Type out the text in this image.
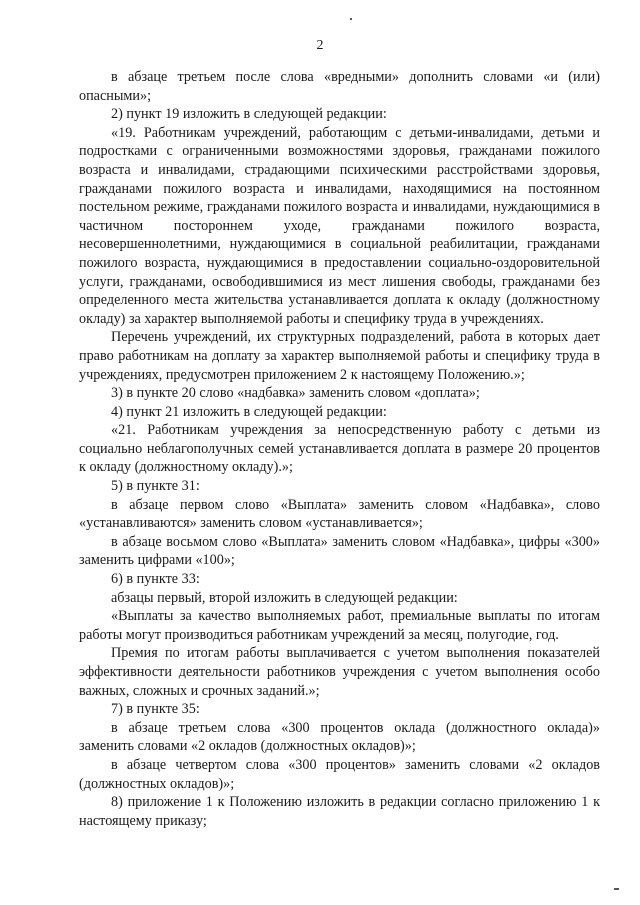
2

в абзаце третьем после слова «вредными» дополнить словами «и (или) опасными»;

2) пункт 19 изложить в следующей редакции:

«19. Работникам учреждений, работающим с детьми-инвалидами, детьми и подростками с ограниченными возможностями здоровья, гражданами пожилого возраста и инвалидами, страдающими психическими расстройствами здоровья, гражданами пожилого возраста и инвалидами, находящимися на постоянном постельном режиме, гражданами пожилого возраста и инвалидами, нуждающимися в частичном постороннем уходе, гражданами пожилого возраста, несовершеннолетними, нуждающимися в социальной реабилитации, гражданами пожилого возраста, нуждающимися в предоставлении социально-оздоровительной услуги, гражданами, освободившимися из мест лишения свободы, гражданами без определенного места жительства устанавливается доплата к окладу (должностному окладу) за характер выполняемой работы и специфику труда в учреждениях.

Перечень учреждений, их структурных подразделений, работа в которых дает право работникам на доплату за характер выполняемой работы и специфику труда в учреждениях, предусмотрен приложением 2 к настоящему Положению.»;

3) в пункте 20 слово «надбавка» заменить словом «доплата»;

4) пункт 21 изложить в следующей редакции:

«21. Работникам учреждения за непосредственную работу с детьми из социально неблагополучных семей устанавливается доплата в размере 20 процентов к окладу (должностному окладу).»;

5) в пункте 31:

в абзаце первом слово «Выплата» заменить словом «Надбавка», слово «устанавливаются» заменить словом «устанавливается»;

в абзаце восьмом слово «Выплата» заменить словом «Надбавка», цифры «300» заменить цифрами «100»;

6) в пункте 33:

абзацы первый, второй изложить в следующей редакции:

«Выплаты за качество выполняемых работ, премиальные выплаты по итогам работы могут производиться работникам учреждений за месяц, полугодие, год.

Премия по итогам работы выплачивается с учетом выполнения показателей эффективности деятельности работников учреждения с учетом выполнения особо важных, сложных и срочных заданий.»;

7) в пункте 35:

в абзаце третьем слова «300 процентов оклада (должностного оклада)» заменить словами «2 окладов (должностных окладов)»;

в абзаце четвертом слова «300 процентов» заменить словами «2 окладов (должностных окладов)»;

8) приложение 1 к Положению изложить в редакции согласно приложению 1 к настоящему приказу;
